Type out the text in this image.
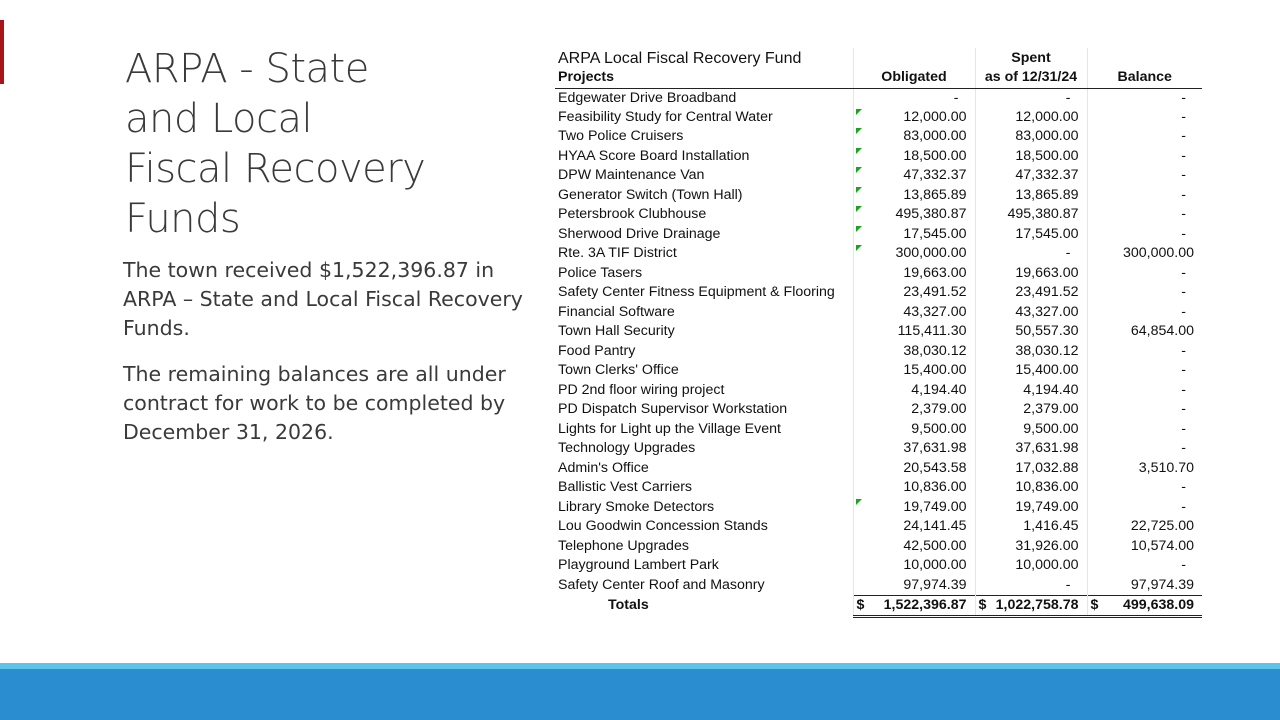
ARPA - State
and Local
Fiscal Recovery
Funds

The town received $1,522,396.87 in ARPA – State and Local Fiscal Recovery Funds.

The remaining balances are all under contract for work to be completed by December 31, 2026.

ARPA Local Fiscal Recovery Fund		Spent	
Projects	Obligated	as of 12/31/24	Balance
Edgewater Drive Broadband	-	-	-
Feasibility Study for Central Water	12,000.00	12,000.00	-
Two Police Cruisers	83,000.00	83,000.00	-
HYAA Score Board Installation	18,500.00	18,500.00	-
DPW Maintenance Van	47,332.37	47,332.37	-
Generator Switch (Town Hall)	13,865.89	13,865.89	-
Petersbrook Clubhouse	495,380.87	495,380.87	-
Sherwood Drive Drainage	17,545.00	17,545.00	-
Rte. 3A TIF District	300,000.00	-	300,000.00
Police Tasers	19,663.00	19,663.00	-
Safety Center Fitness Equipment & Flooring	23,491.52	23,491.52	-
Financial Software	43,327.00	43,327.00	-
Town Hall Security	115,411.30	50,557.30	64,854.00
Food Pantry	38,030.12	38,030.12	-
Town Clerks' Office	15,400.00	15,400.00	-
PD 2nd floor wiring project	4,194.40	4,194.40	-
PD Dispatch Supervisor Workstation	2,379.00	2,379.00	-
Lights for Light up the Village Event	9,500.00	9,500.00	-
Technology Upgrades	37,631.98	37,631.98	-
Admin's Office	20,543.58	17,032.88	3,510.70
Ballistic Vest Carriers	10,836.00	10,836.00	-
Library Smoke Detectors	19,749.00	19,749.00	-
Lou Goodwin Concession Stands	24,141.45	1,416.45	22,725.00
Telephone Upgrades	42,500.00	31,926.00	10,574.00
Playground Lambert Park	10,000.00	10,000.00	-
Safety Center Roof and Masonry	97,974.39	-	97,974.39
Totals	$ 1,522,396.87	$ 1,022,758.78	$ 499,638.09
